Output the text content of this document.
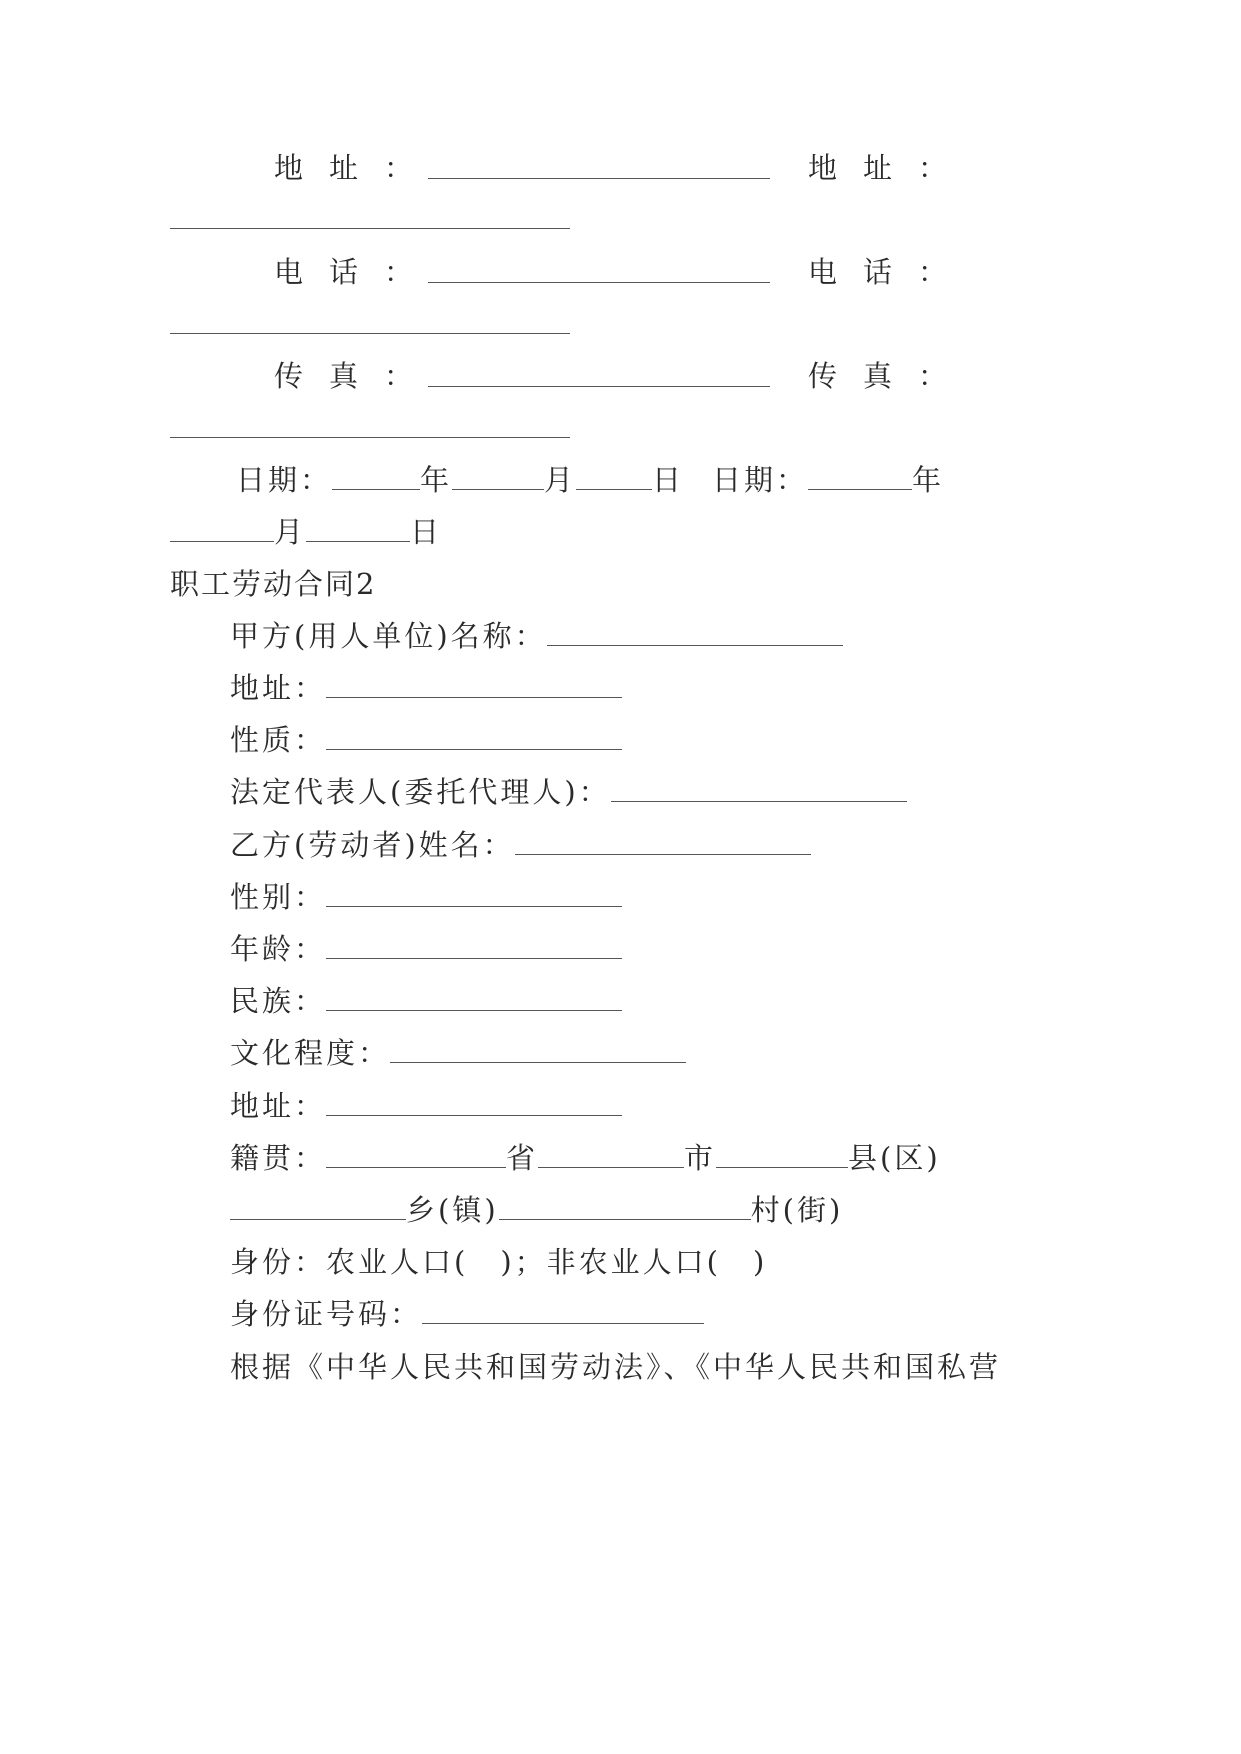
地址：	地址：
电话：	电话：
传真：	传真：
日期：	年	月	日 日期：	年
月	日
职工劳动合同2
甲方(用人单位)名称：
地址：
性质：
法定代表人(委托代理人)：
乙方(劳动者)姓名：
性别：
年龄：
民族：
文化程度：
地址：
籍贯：	省	市	县(区)
乡(镇)	村(街)
身份：农业人口(　)；非农业人口(　)
身份证号码：
根据《中华人民共和国劳动法》、《中华人民共和国私营
